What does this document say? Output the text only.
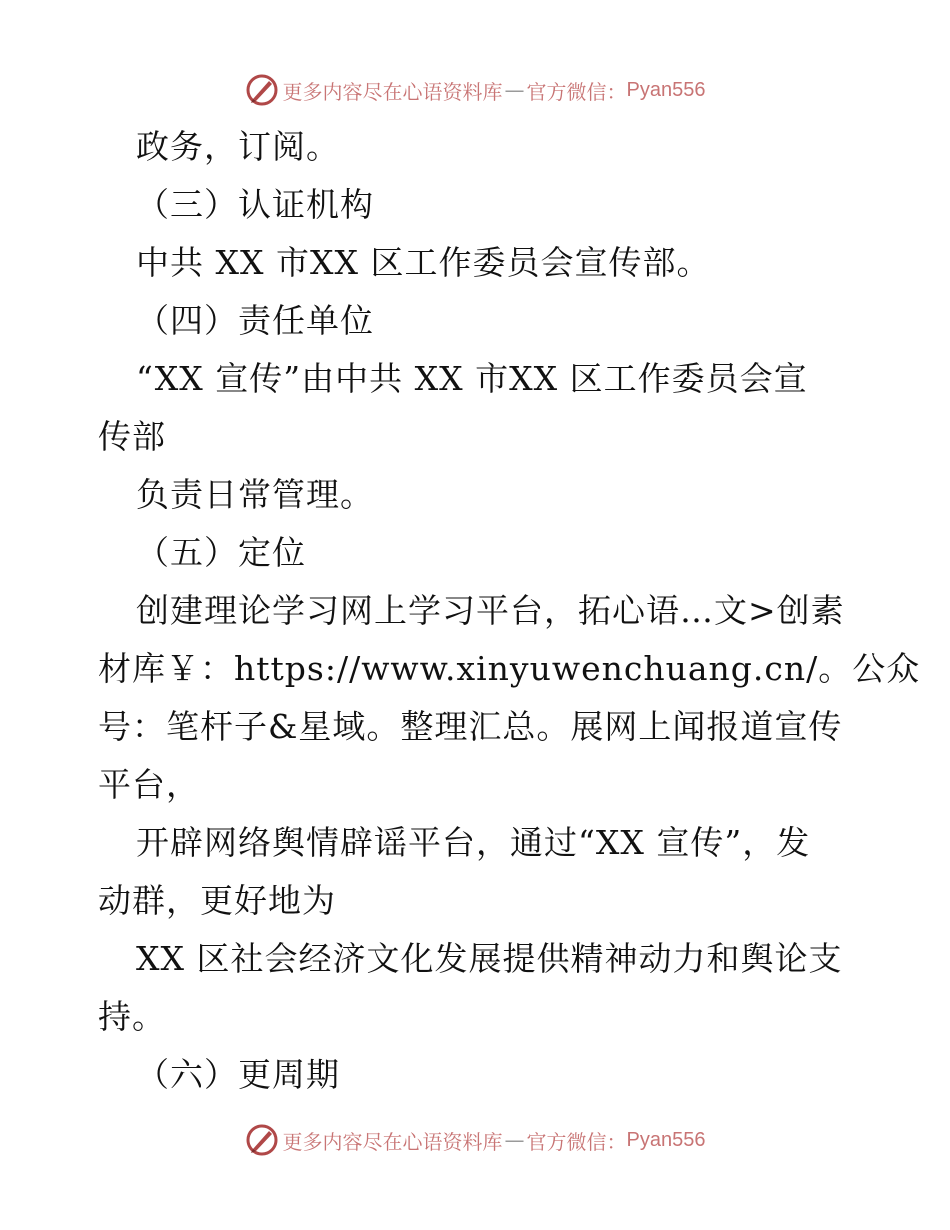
更多内容尽在心语资料库 — 官方微信： Pyan556
政务，订阅。
（三）认证机构
中共 XX 市XX 区工作委员会宣传部。
（四）责任单位
“XX 宣传”由中共 XX 市XX 区工作委员会宣
传部
负责日常管理。
（五）定位
创建理论学习网上学习平台，拓心语…文>创素
材库￥：https://www.xinyuwenchuang.cn/。公众
号：笔杆子&星域。整理汇总。展网上闻报道宣传
平台，
开辟网络舆情辟谣平台，通过“XX 宣传”，发
动群，更好地为
XX 区社会经济文化发展提供精神动力和舆论支
持。
（六）更周期
更多内容尽在心语资料库 — 官方微信： Pyan556
